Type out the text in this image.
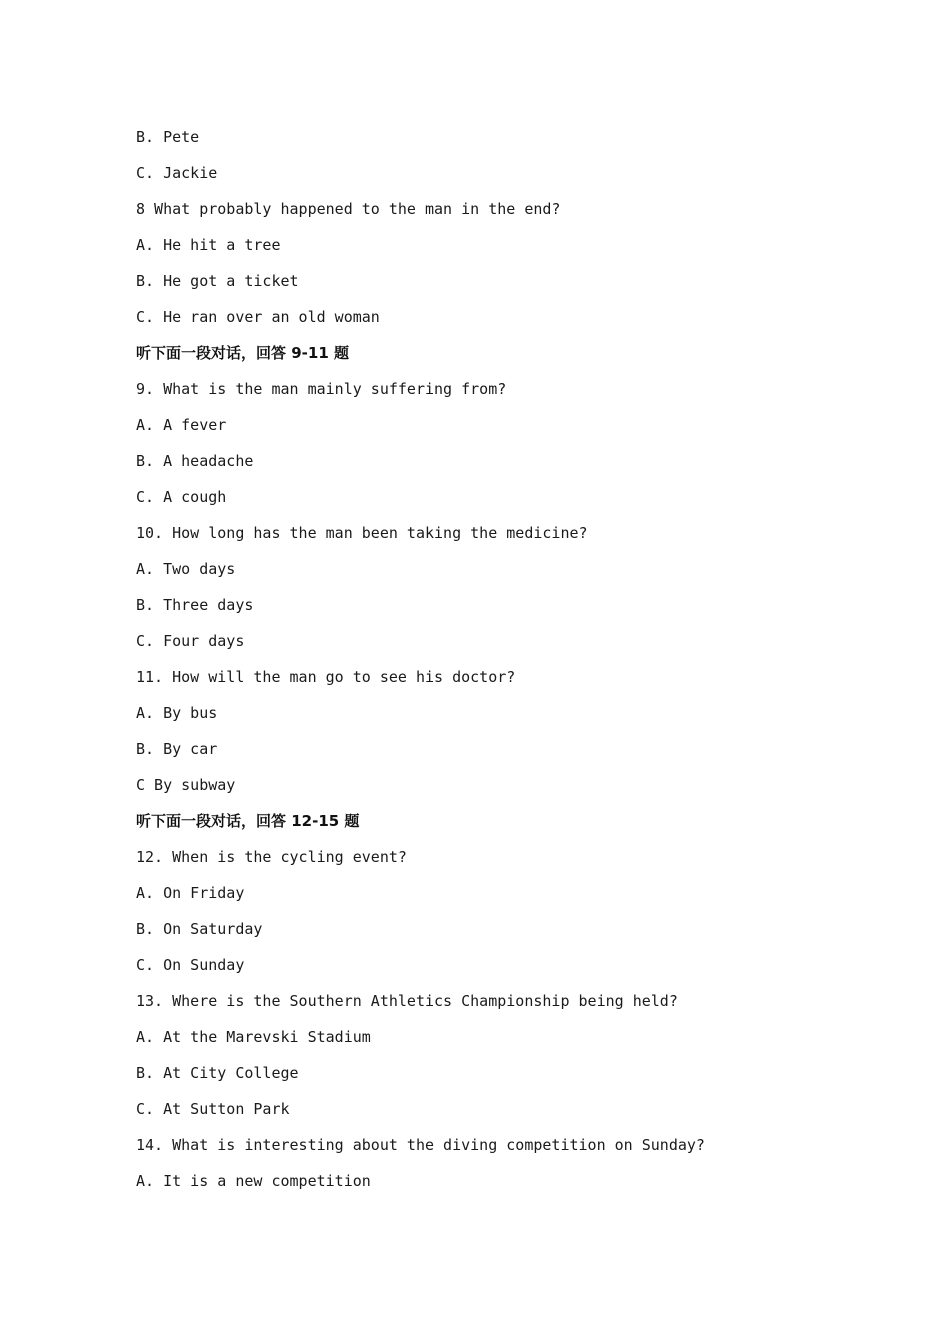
B. Pete
C. Jackie
8 What probably happened to the man in the end?
A. He hit a tree
B. He got a ticket
C. He ran over an old woman
听下面一段对话，回答 9-11 题
9. What is the man mainly suffering from?
A. A fever
B. A headache
C. A cough
10. How long has the man been taking the medicine?
A. Two days
B. Three days
C. Four days
11. How will the man go to see his doctor?
A. By bus
B. By car
C By subway
听下面一段对话，回答 12-15 题
12. When is the cycling event?
A. On Friday
B. On Saturday
C. On Sunday
13. Where is the Southern Athletics Championship being held?
A. At the Marevski Stadium
B. At City College
C. At Sutton Park
14. What is interesting about the diving competition on Sunday?
A. It is a new competition
